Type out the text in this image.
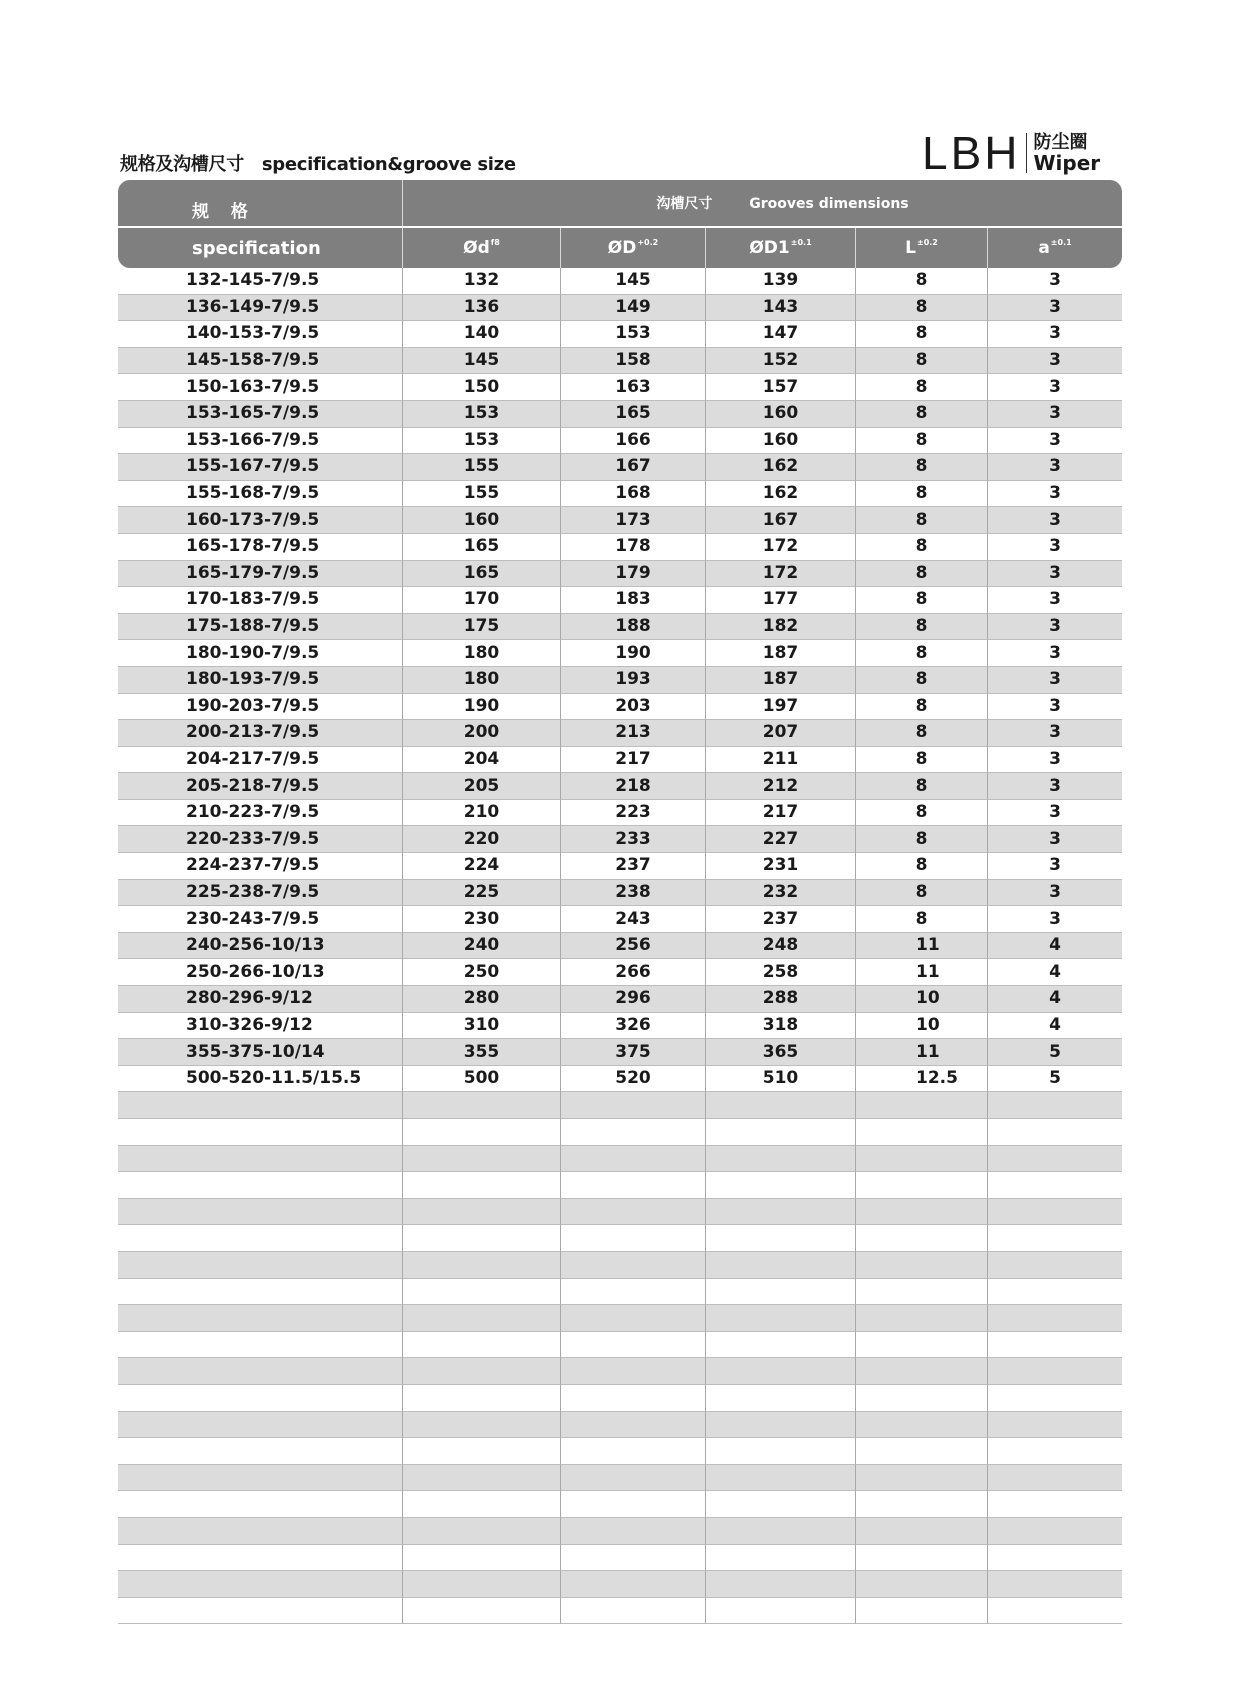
规格及沟槽尺寸 specification&groove size	LBH 防尘圈
Wiper
规 格	沟槽尺寸 Grooves dimensions				
specification	$Ød^{f8}$	$ØD^{+0.2}$	$ØD1^{\pm 0.1}$	$L^{\pm 0.2}$	$a^{\pm 0.1}$
132-145-7/9.5	132	145	139	8	3
136-149-7/9.5	136	149	143	8	3
140-153-7/9.5	140	153	147	8	3
145-158-7/9.5	145	158	152	8	3
150-163-7/9.5	150	163	157	8	3
153-165-7/9.5	153	165	160	8	3
153-166-7/9.5	153	166	160	8	3
155-167-7/9.5	155	167	162	8	3
155-168-7/9.5	155	168	162	8	3
160-173-7/9.5	160	173	167	8	3
165-178-7/9.5	165	178	172	8	3
165-179-7/9.5	165	179	172	8	3
170-183-7/9.5	170	183	177	8	3
175-188-7/9.5	175	188	182	8	3
180-190-7/9.5	180	190	187	8	3
180-193-7/9.5	180	193	187	8	3
190-203-7/9.5	190	203	197	8	3
200-213-7/9.5	200	213	207	8	3
204-217-7/9.5	204	217	211	8	3
205-218-7/9.5	205	218	212	8	3
210-223-7/9.5	210	223	217	8	3
220-233-7/9.5	220	233	227	8	3
224-237-7/9.5	224	237	231	8	3
225-238-7/9.5	225	238	232	8	3
230-243-7/9.5	230	243	237	8	3
240-256-10/13	240	256	248	11	4
250-266-10/13	250	266	258	11	4
280-296-9/12	280	296	288	10	4
310-326-9/12	310	326	318	10	4
355-375-10/14	355	375	365	11	5
500-520-11.5/15.5	500	520	510	12.5	5
